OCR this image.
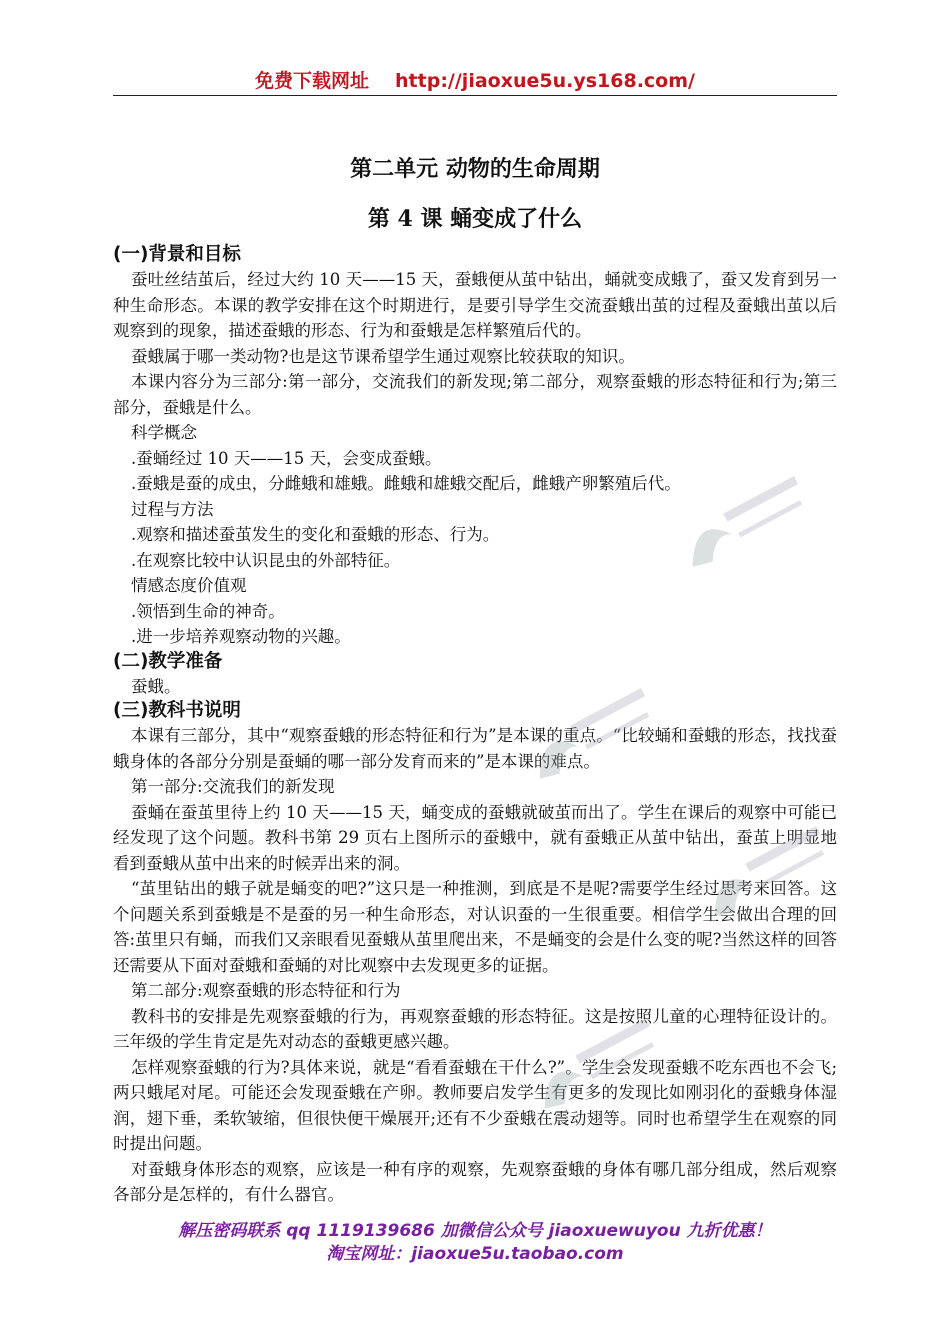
免费下载网址 http://jiaoxue5u.ys168.com/
第二单元 动物的生命周期
第 4 课 蛹变成了什么

(一)背景和目标

蚕吐丝结茧后，经过大约 10 天——15 天，蚕蛾便从茧中钻出，蛹就变成蛾了，蚕又发育到另一种生命形态。本课的教学安排在这个时期进行，是要引导学生交流蚕蛾出茧的过程及蚕蛾出茧以后观察到的现象，描述蚕蛾的形态、行为和蚕蛾是怎样繁殖后代的。

蚕蛾属于哪一类动物?也是这节课希望学生通过观察比较获取的知识。

本课内容分为三部分:第一部分，交流我们的新发现;第二部分，观察蚕蛾的形态特征和行为;第三部分，蚕蛾是什么。

科学概念

.蚕蛹经过 10 天——15 天，会变成蚕蛾。

.蚕蛾是蚕的成虫，分雌蛾和雄蛾。雌蛾和雄蛾交配后，雌蛾产卵繁殖后代。

过程与方法

.观察和描述蚕茧发生的变化和蚕蛾的形态、行为。

.在观察比较中认识昆虫的外部特征。

情感态度价值观

.领悟到生命的神奇。

.进一步培养观察动物的兴趣。

(二)教学准备

蚕蛾。

(三)教科书说明

本课有三部分，其中“观察蚕蛾的形态特征和行为”是本课的重点。“比较蛹和蚕蛾的形态，找找蚕蛾身体的各部分分别是蚕蛹的哪一部分发育而来的”是本课的难点。

第一部分:交流我们的新发现

蚕蛹在蚕茧里待上约 10 天——15 天，蛹变成的蚕蛾就破茧而出了。学生在课后的观察中可能已经发现了这个问题。教科书第 29 页右上图所示的蚕蛾中，就有蚕蛾正从茧中钻出，蚕茧上明显地看到蚕蛾从茧中出来的时候弄出来的洞。

“茧里钻出的蛾子就是蛹变的吧?”这只是一种推测，到底是不是呢?需要学生经过思考来回答。这个问题关系到蚕蛾是不是蚕的另一种生命形态，对认识蚕的一生很重要。相信学生会做出合理的回答:茧里只有蛹，而我们又亲眼看见蚕蛾从茧里爬出来，不是蛹变的会是什么变的呢?当然这样的回答还需要从下面对蚕蛾和蚕蛹的对比观察中去发现更多的证据。

第二部分:观察蚕蛾的形态特征和行为

教科书的安排是先观察蚕蛾的行为，再观察蚕蛾的形态特征。这是按照儿童的心理特征设计的。三年级的学生肯定是先对动态的蚕蛾更感兴趣。

怎样观察蚕蛾的行为?具体来说，就是“看看蚕蛾在干什么?”。学生会发现蚕蛾不吃东西也不会飞;两只蛾尾对尾。可能还会发现蚕蛾在产卵。教师要启发学生有更多的发现比如刚羽化的蚕蛾身体湿润，翅下垂，柔软皱缩，但很快便干燥展开;还有不少蚕蛾在震动翅等。同时也希望学生在观察的同时提出问题。

对蚕蛾身体形态的观察，应该是一种有序的观察，先观察蚕蛾的身体有哪几部分组成，然后观察各部分是怎样的，有什么器官。

解压密码联系 qq 1119139686 加微信公众号 jiaoxuewuyou 九折优惠！
淘宝网址：jiaoxue5u.taobao.com
